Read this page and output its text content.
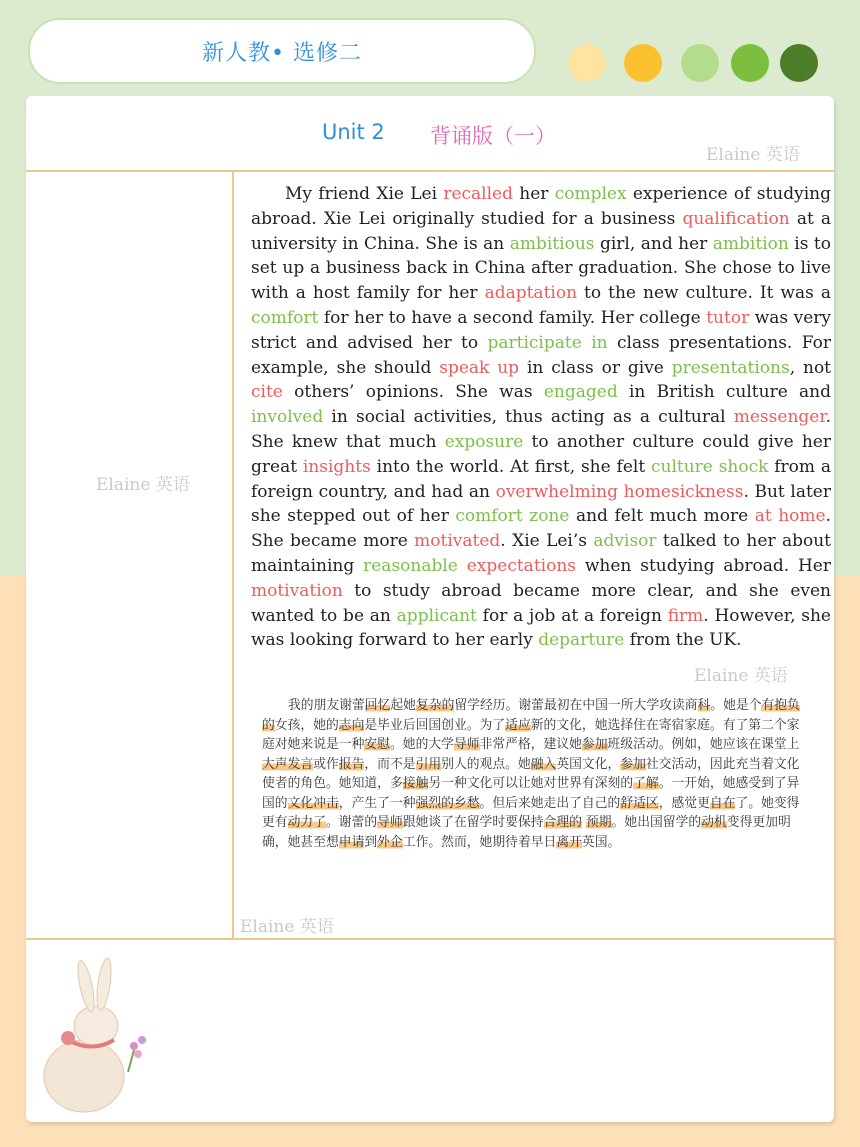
新人教• 选修二
Unit 2 背诵版（一）
Elaine 英语
Elaine 英语
My friend Xie Lei recalled her complex experience of studying abroad. Xie Lei originally studied for a business qualification at a university in China. She is an ambitious girl, and her ambition is to set up a business back in China after graduation. She chose to live with a host family for her adaptation to the new culture. It was a comfort for her to have a second family. Her college tutor was very strict and advised her to participate in class presentations. For example, she should speak up in class or give presentations, not cite others’ opinions. She was engaged in British culture and involved in social activities, thus acting as a cultural messenger. She knew that much exposure to another culture could give her great insights into the world. At first, she felt culture shock from a foreign country, and had an overwhelming homesickness. But later she stepped out of her comfort zone and felt much more at home. She became more motivated. Xie Lei’s advisor talked to her about maintaining reasonable expectations when studying abroad. Her motivation to study abroad became more clear, and she even wanted to be an applicant for a job at a foreign firm. However, she was looking forward to her early departure from the UK.
Elaine 英语
我的朋友谢蕾回忆起她复杂的留学经历。谢蕾最初在中国一所大学攻读商科。她是个有抱负的女孩，她的志向是毕业后回国创业。为了适应新的文化，她选择住在寄宿家庭。有了第二个家庭对她来说是一种安慰。她的大学导师非常严格，建议她参加班级活动。例如，她应该在课堂上大声发言或作报告，而不是引用别人的观点。她融入英国文化，参加社交活动，因此充当着文化使者的角色。她知道，多接触另一种文化可以让她对世界有深刻的了解。一开始，她感受到了异国的文化冲击，产生了一种强烈的乡愁。但后来她走出了自己的舒适区，感觉更自在了。她变得更有动力了。谢蕾的导师跟她谈了在留学时要保持合理的 预期。她出国留学的动机变得更加明确，她甚至想申请到外企工作。然而，她期待着早日离开英国。
Elaine 英语
